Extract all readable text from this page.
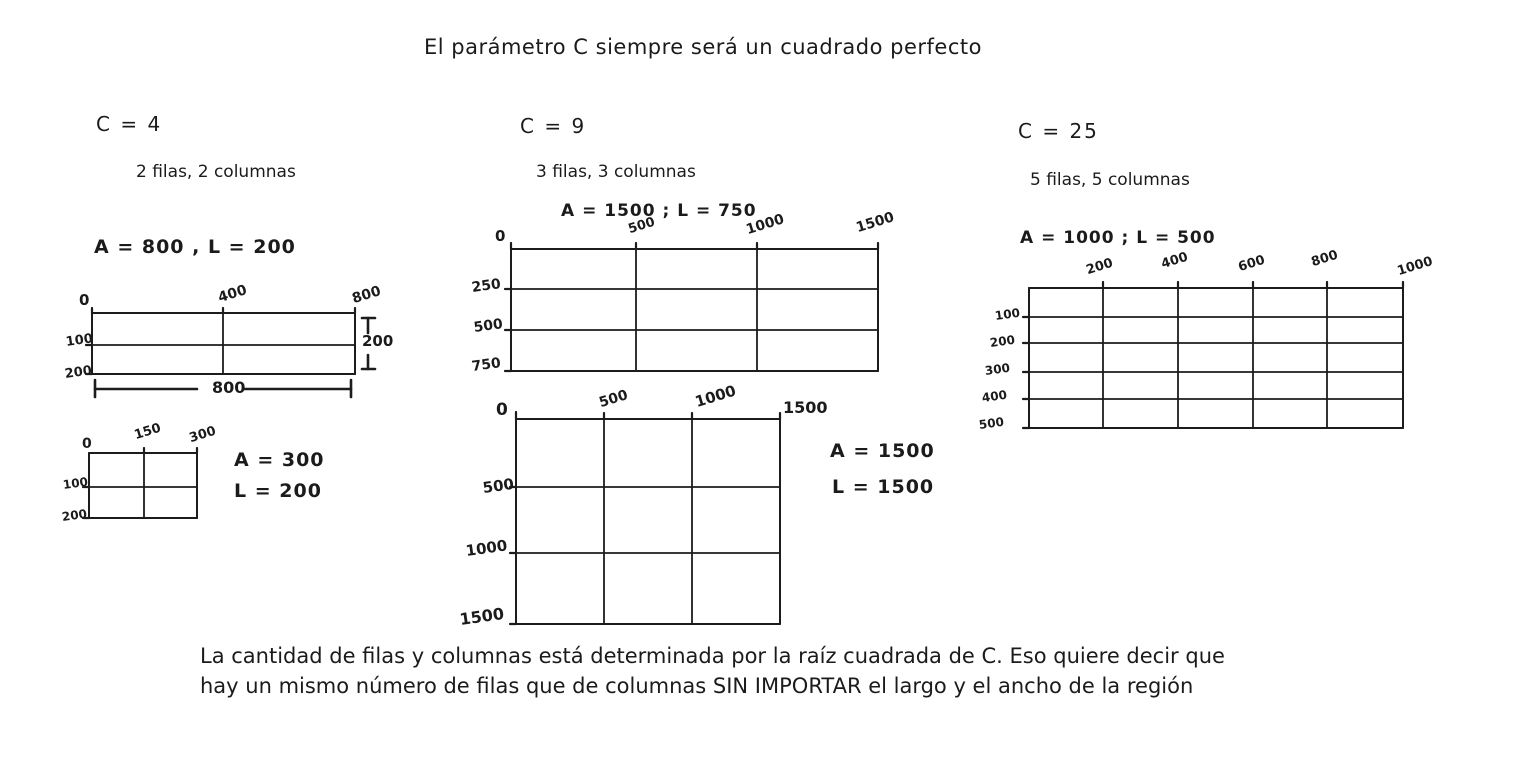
El parámetro C siempre será un cuadrado perfecto
C = 4
2 filas, 2 columnas
A = 800 , L = 200
0	400	800
100
200
200
800
0
150 300
100
200
A = 300
L = 200
C = 9
3 filas, 3 columnas
A = 1500 ; L = 750
0	500	1000	1500
250
500
750
0	500	1000	1500
500
1000
1500
A = 1500
L = 1500
C = 25
5 filas, 5 columnas
A = 1000 ; L = 500
200	400	600	800	1000
100
200
300
400
500
La cantidad de filas y columnas está determinada por la raíz cuadrada de C. Eso quiere decir que
hay un mismo número de filas que de columnas SIN IMPORTAR el largo y el ancho de la región
